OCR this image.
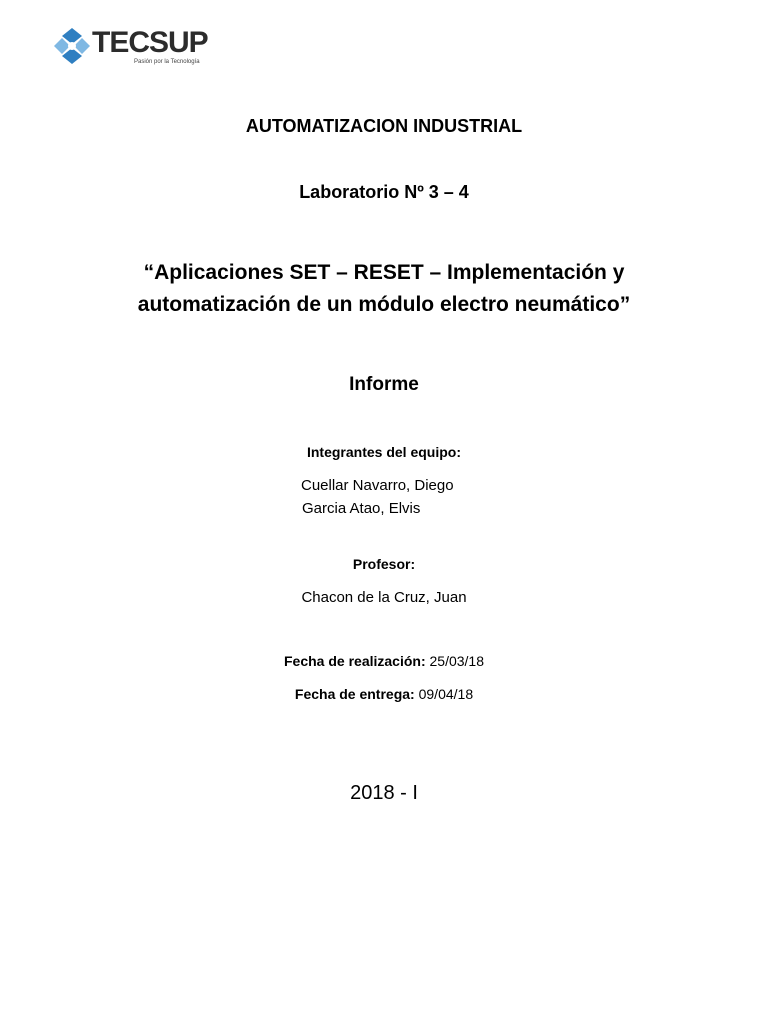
TECSUP
Pasión por la Tecnología
AUTOMATIZACION INDUSTRIAL
Laboratorio Nº 3 – 4
“Aplicaciones SET – RESET – Implementación y
automatización de un módulo electro neumático”
Informe
Integrantes del equipo:
Cuellar Navarro, Diego
Garcia Atao, Elvis
Profesor:
Chacon de la Cruz, Juan
Fecha de realización: 25/03/18
Fecha de entrega: 09/04/18
2018 - I
